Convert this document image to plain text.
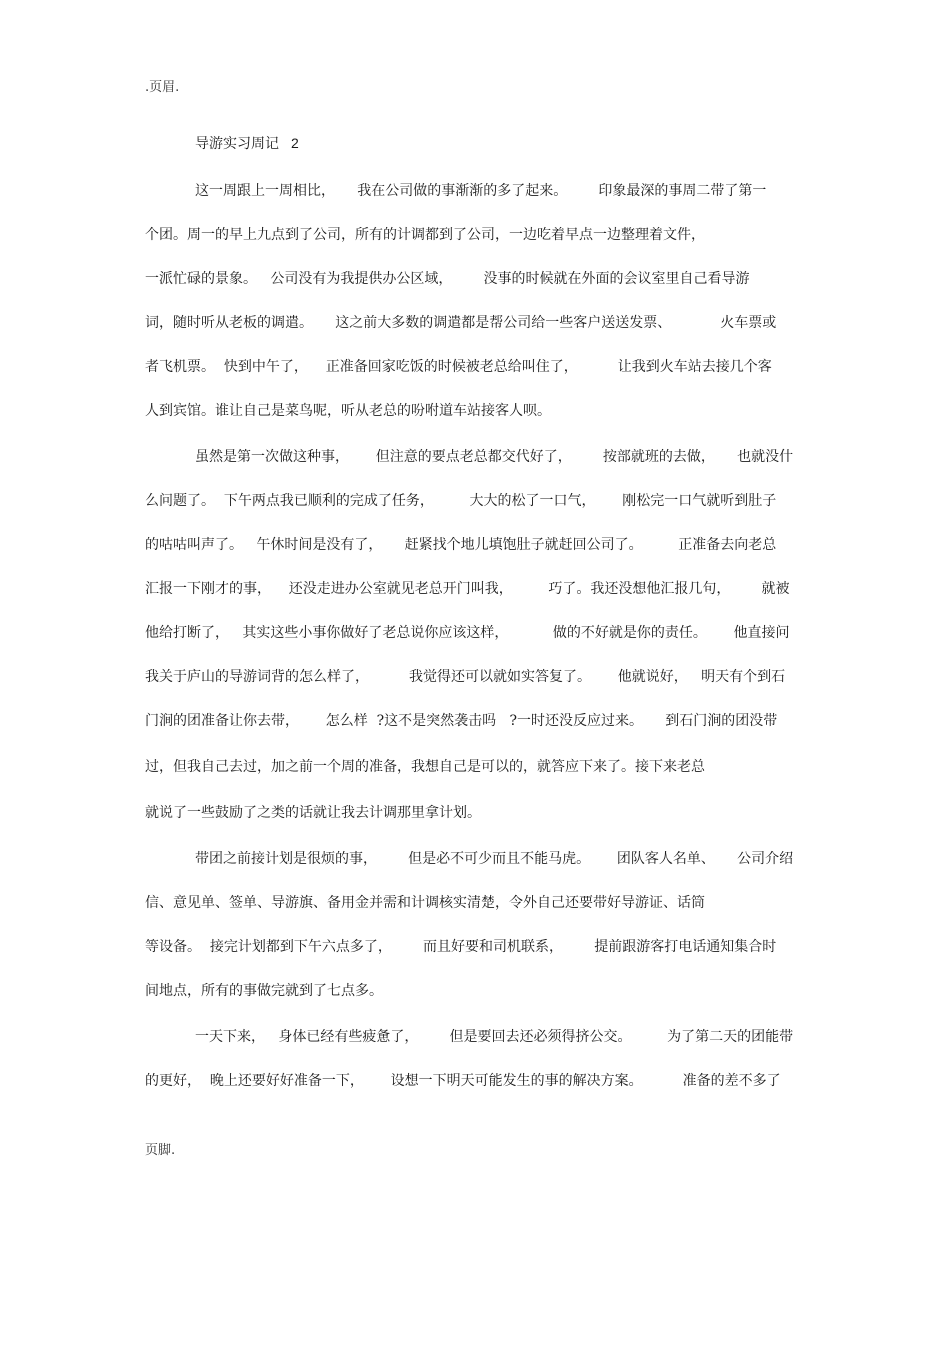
.页眉.
导游实习周记 2
这一周跟上一周相比，     我在公司做的事渐渐的多了起来。       印象最深的事周二带了第一
个团。周一的早上九点到了公司，所有的计调都到了公司，一边吃着早点一边整理着文件，
一派忙碌的景象。   公司没有为我提供办公区域，       没事的时候就在外面的会议室里自己看导游
词，随时听从老板的调遣。     这之前大多数的调遣都是帮公司给一些客户送送发票、           火车票或
者飞机票。  快到中午了，    正准备回家吃饭的时候被老总给叫住了，         让我到火车站去接几个客
人到宾馆。谁让自己是菜鸟呢，听从老总的吩咐道车站接客人呗。
虽然是第一次做这种事，      但注意的要点老总都交代好了，       按部就班的去做，     也就没什
么问题了。  下午两点我已顺利的完成了任务，        大大的松了一口气，      刚松完一口气就听到肚子
的咕咕叫声了。   午休时间是没有了，     赶紧找个地儿填饱肚子就赶回公司了。        正准备去向老总
汇报一下刚才的事，    还没走进办公室就见老总开门叫我，        巧了。我还没想他汇报几句，       就被
他给打断了，   其实这些小事你做好了老总说你应该这样，          做的不好就是你的责任。      他直接问
我关于庐山的导游词背的怎么样了，         我觉得还可以就如实答复了。      他就说好，   明天有个到石
门涧的团准备让你去带，      怎么样  ?这不是突然袭击吗   ?一时还没反应过来。     到石门涧的团没带
过，但我自己去过，加之前一个周的准备，我想自己是可以的，就答应下来了。接下来老总
就说了一些鼓励了之类的话就让我去计调那里拿计划。
带团之前接计划是很烦的事，       但是必不可少而且不能马虎。      团队客人名单、     公司介绍
信、意见单、签单、导游旗、备用金并需和计调核实清楚，令外自己还要带好导游证、话筒
等设备。  接完计划都到下午六点多了，       而且好要和司机联系，       提前跟游客打电话通知集合时
间地点，所有的事做完就到了七点多。
一天下来，   身体已经有些疲惫了，       但是要回去还必须得挤公交。        为了第二天的团能带
的更好，  晚上还要好好准备一下，      设想一下明天可能发生的事的解决方案。         准备的差不多了
页脚.
